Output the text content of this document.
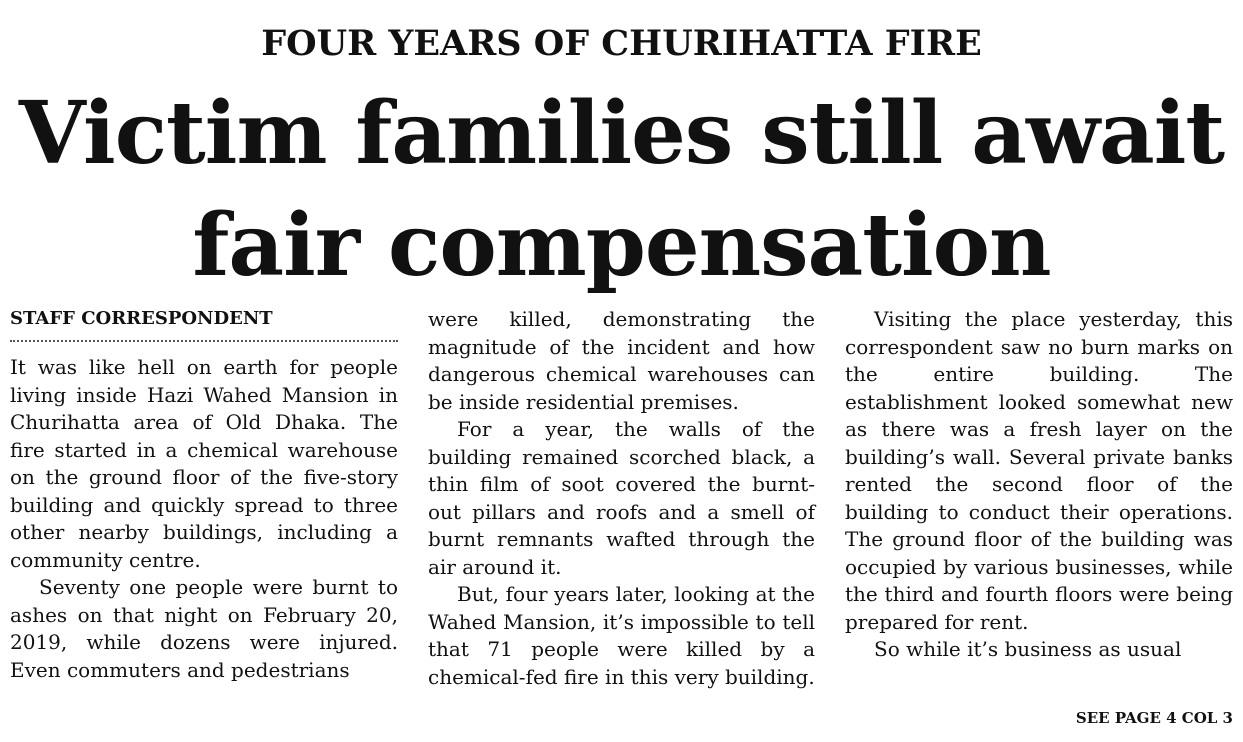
FOUR YEARS OF CHURIHATTA FIRE
Victim families still await
fair compensation
STAFF CORRESPONDENT

It was like hell on earth for people living inside Hazi Wahed Mansion in Churihatta area of Old Dhaka. The fire started in a chemical warehouse on the ground floor of the five-story building and quickly spread to three other nearby buildings, including a community centre.

Seventy one people were burnt to ashes on that night on February 20, 2019, while dozens were injured. Even commuters and pedestrians

were killed, demonstrating the magnitude of the incident and how dangerous chemical warehouses can be inside residential premises.

For a year, the walls of the building remained scorched black, a thin film of soot covered the burnt-out pillars and roofs and a smell of burnt remnants wafted through the air around it.

But, four years later, looking at the Wahed Mansion, it’s impossible to tell that 71 people were killed by a chemical-fed fire in this very building.

Visiting the place yesterday, this correspondent saw no burn marks on the entire building. The establishment looked somewhat new as there was a fresh layer on the building’s wall. Several private banks rented the second floor of the building to conduct their operations. The ground floor of the building was occupied by various businesses, while the third and fourth floors were being prepared for rent.

So while it’s business as usual

SEE PAGE 4 COL 3
